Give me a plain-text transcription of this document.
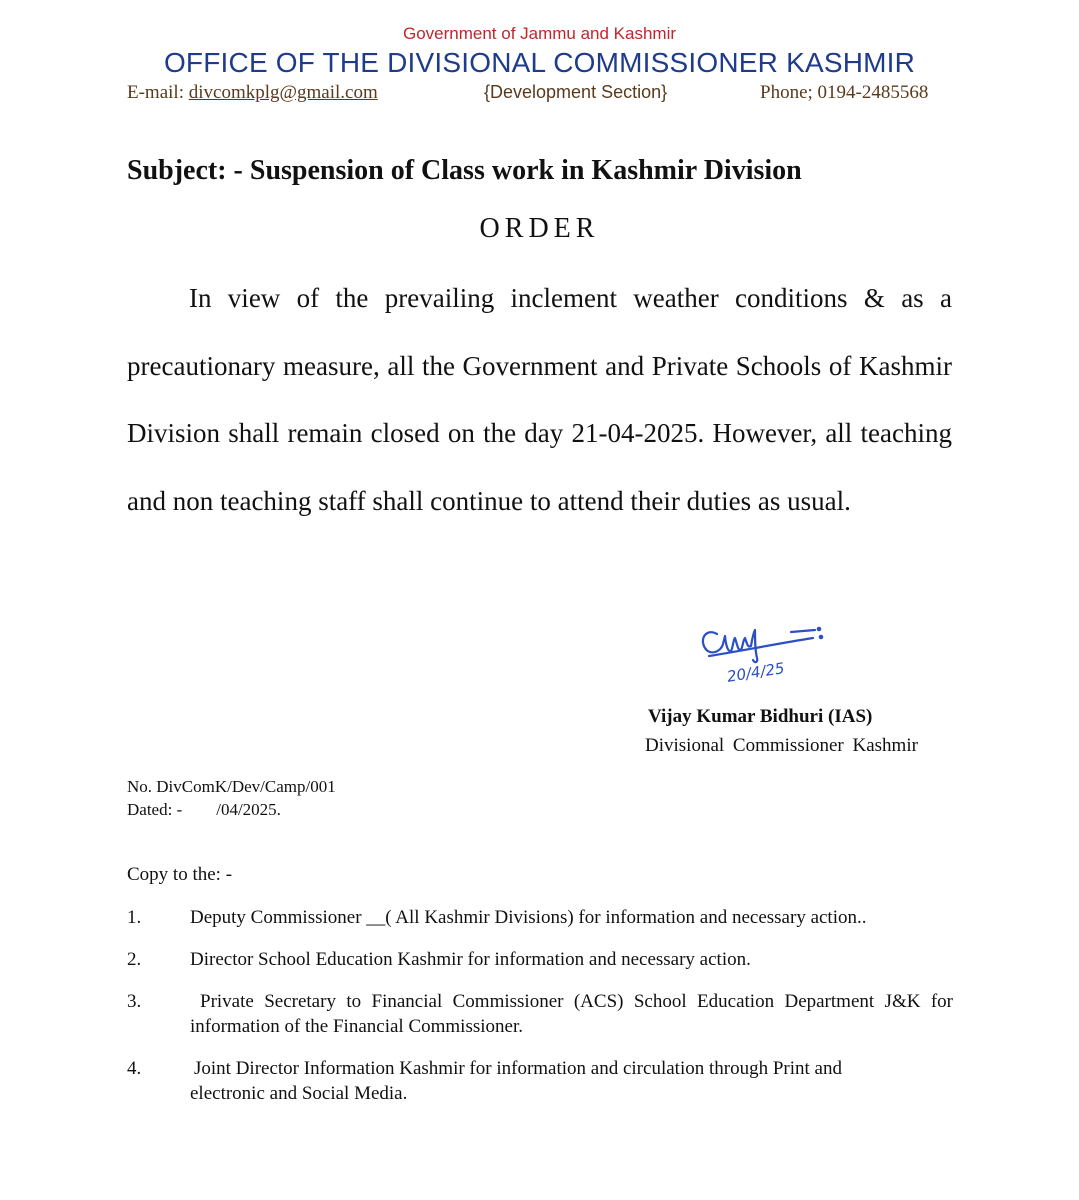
Government of Jammu and Kashmir
OFFICE OF THE DIVISIONAL COMMISSIONER KASHMIR
E-mail: divcomkplg@gmail.com	{Development Section}	Phone; 0194-2485568
Subject: - Suspension of Class work in Kashmir Division
ORDER

In view of the prevailing inclement weather conditions & as a precautionary measure, all the Government and Private Schools of Kashmir Division shall remain closed on the day 21-04-2025. However, all teaching and non teaching staff shall continue to attend their duties as usual.

20/4/25
Vijay Kumar Bidhuri (IAS)
Divisional Commissioner Kashmir
No. DivComK/Dev/Camp/001
Dated: -        /04/2025.
Copy to the: -
1.	Deputy Commissioner __( All Kashmir Divisions) for information and necessary action..
2.	Director School Education Kashmir for information and necessary action.
3.	Private Secretary to Financial Commissioner (ACS) School Education Department J&K for information of the Financial Commissioner.
4.	Joint Director Information Kashmir for information and circulation through Print and electronic and Social Media.
